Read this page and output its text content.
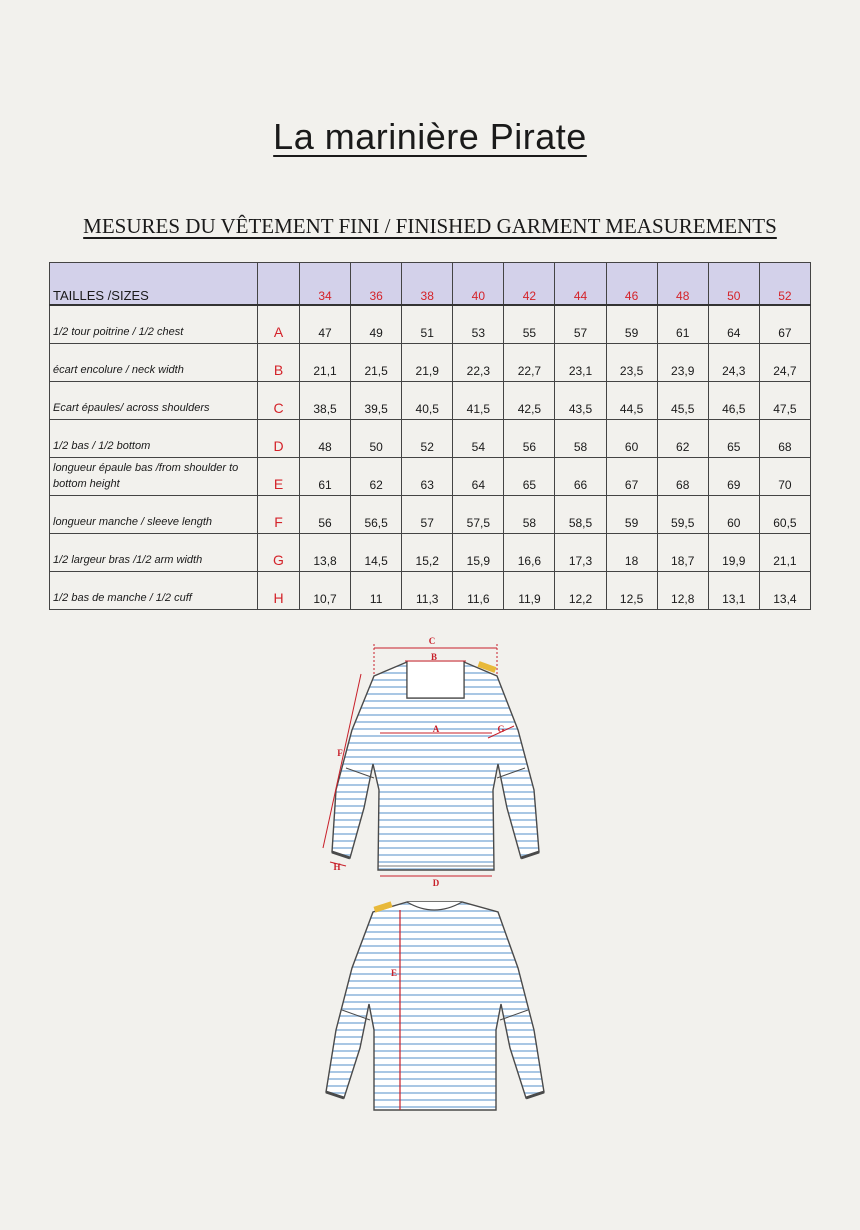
La marinière Pirate
MESURES DU VÊTEMENT FINI / FINISHED GARMENT MEASUREMENTS
TAILLES /SIZES		34	36	38	40	42	44	46	48	50	52
1/2 tour poitrine / 1/2 chest	A	47	49	51	53	55	57	59	61	64	67
écart encolure / neck width	B	21,1	21,5	21,9	22,3	22,7	23,1	23,5	23,9	24,3	24,7
Ecart épaules/ across shoulders	C	38,5	39,5	40,5	41,5	42,5	43,5	44,5	45,5	46,5	47,5
1/2 bas / 1/2 bottom	D	48	50	52	54	56	58	60	62	65	68
longueur épaule bas /from shoulder to bottom height	E	61	62	63	64	65	66	67	68	69	70
longueur manche / sleeve length	F	56	56,5	57	57,5	58	58,5	59	59,5	60	60,5
1/2 largeur bras /1/2 arm width	G	13,8	14,5	15,2	15,9	16,6	17,3	18	18,7	19,9	21,1
1/2 bas de manche / 1/2 cuff	H	10,7	11	11,3	11,6	11,9	12,2	12,5	12,8	13,1	13,4
C
B
A	G
F
H
D
E
